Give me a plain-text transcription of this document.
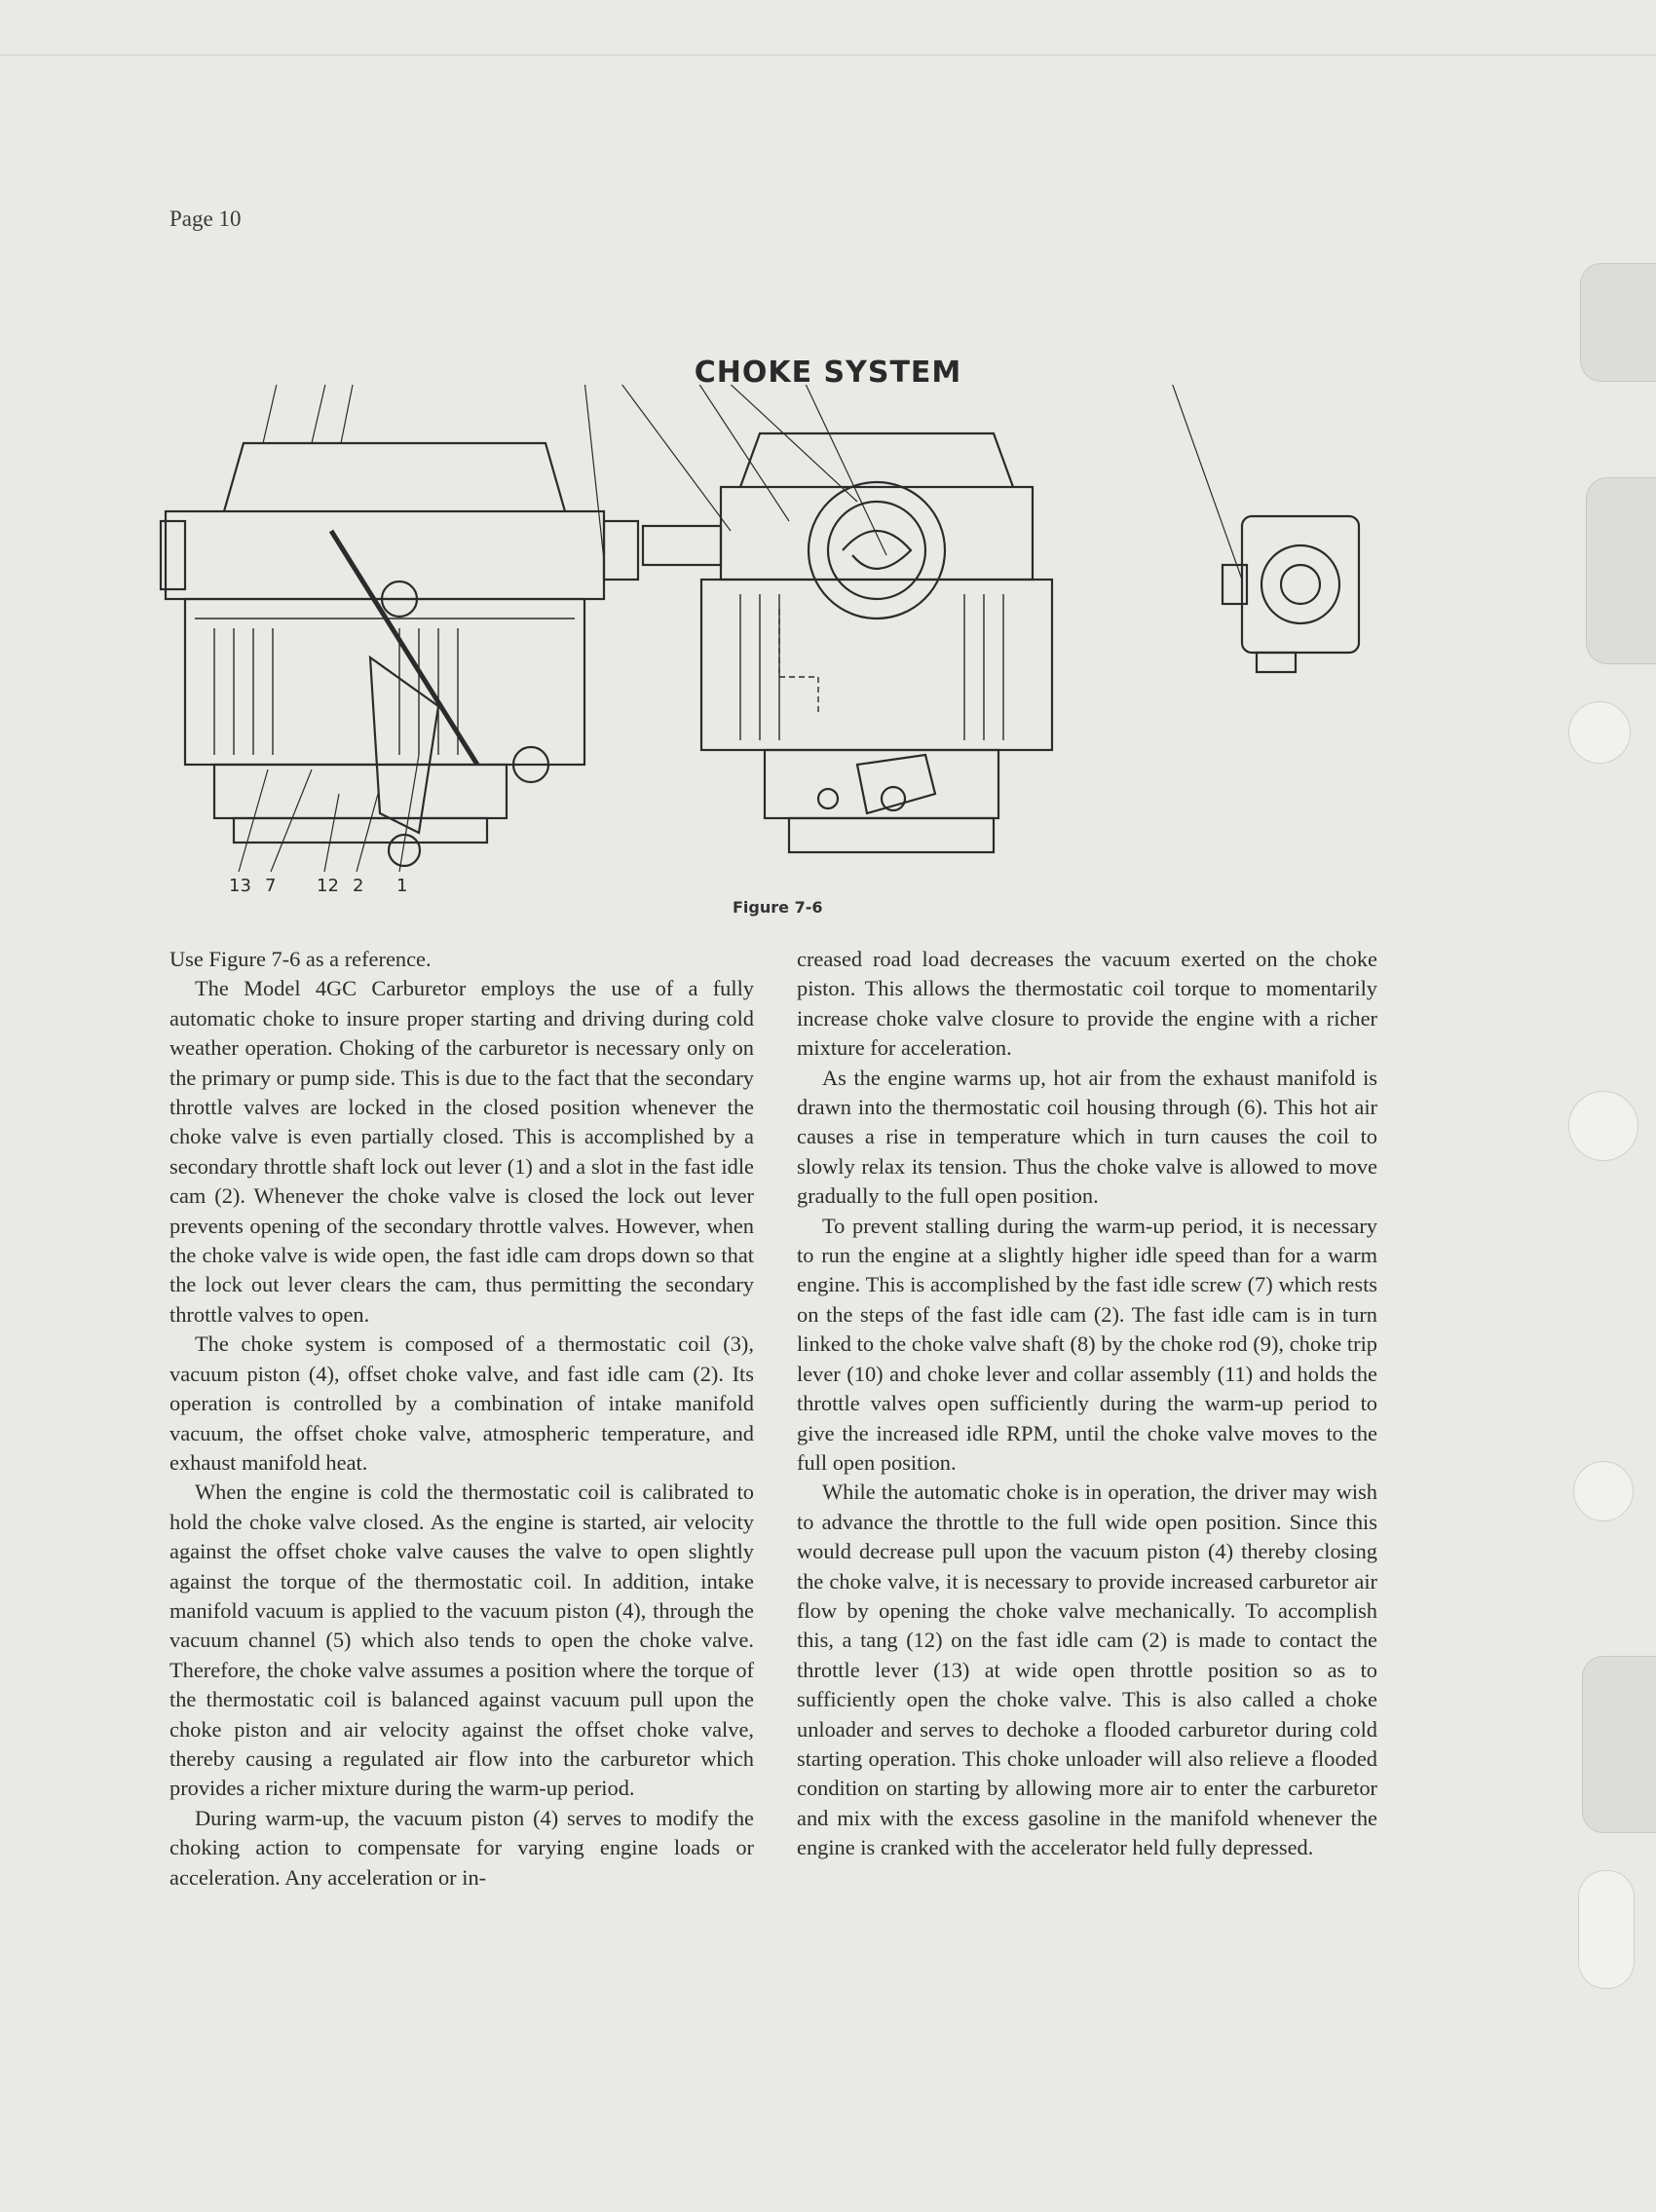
Page 10
CHOKE SYSTEM
13 7 12 2 1
Figure 7-6

Use Figure 7-6 as a reference.

The Model 4GC Carburetor employs the use of a fully automatic choke to insure proper starting and driving during cold weather operation. Choking of the carburetor is necessary only on the primary or pump side. This is due to the fact that the secondary throttle valves are locked in the closed position whenever the choke valve is even partially closed. This is accomplished by a secondary throttle shaft lock out lever (1) and a slot in the fast idle cam (2). Whenever the choke valve is closed the lock out lever prevents opening of the secondary throttle valves. However, when the choke valve is wide open, the fast idle cam drops down so that the lock out lever clears the cam, thus permitting the secondary throttle valves to open.

The choke system is composed of a thermostatic coil (3), vacuum piston (4), offset choke valve, and fast idle cam (2). Its operation is controlled by a combination of intake manifold vacuum, the offset choke valve, atmospheric temperature, and exhaust manifold heat.

When the engine is cold the thermostatic coil is calibrated to hold the choke valve closed. As the engine is started, air velocity against the offset choke valve causes the valve to open slightly against the torque of the thermostatic coil. In addition, intake manifold vacuum is applied to the vacuum piston (4), through the vacuum channel (5) which also tends to open the choke valve. Therefore, the choke valve assumes a position where the torque of the thermostatic coil is balanced against vacuum pull upon the choke piston and air velocity against the offset choke valve, thereby causing a regulated air flow into the carburetor which provides a richer mixture during the warm-up period.

During warm-up, the vacuum piston (4) serves to modify the choking action to compensate for varying engine loads or acceleration. Any acceleration or in-

creased road load decreases the vacuum exerted on the choke piston. This allows the thermostatic coil torque to momentarily increase choke valve closure to provide the engine with a richer mixture for acceleration.

As the engine warms up, hot air from the exhaust manifold is drawn into the thermostatic coil housing through (6). This hot air causes a rise in temperature which in turn causes the coil to slowly relax its tension. Thus the choke valve is allowed to move gradually to the full open position.

To prevent stalling during the warm-up period, it is necessary to run the engine at a slightly higher idle speed than for a warm engine. This is accomplished by the fast idle screw (7) which rests on the steps of the fast idle cam (2). The fast idle cam is in turn linked to the choke valve shaft (8) by the choke rod (9), choke trip lever (10) and choke lever and collar assembly (11) and holds the throttle valves open sufficiently during the warm-up period to give the increased idle RPM, until the choke valve moves to the full open position.

While the automatic choke is in operation, the driver may wish to advance the throttle to the full wide open position. Since this would decrease pull upon the vacuum piston (4) thereby closing the choke valve, it is necessary to provide increased carburetor air flow by opening the choke valve mechanically. To accomplish this, a tang (12) on the fast idle cam (2) is made to contact the throttle lever (13) at wide open throttle position so as to sufficiently open the choke valve. This is also called a choke unloader and serves to dechoke a flooded carburetor during cold starting operation. This choke unloader will also relieve a flooded condition on starting by allowing more air to enter the carburetor and mix with the excess gasoline in the manifold whenever the engine is cranked with the accelerator held fully depressed.
